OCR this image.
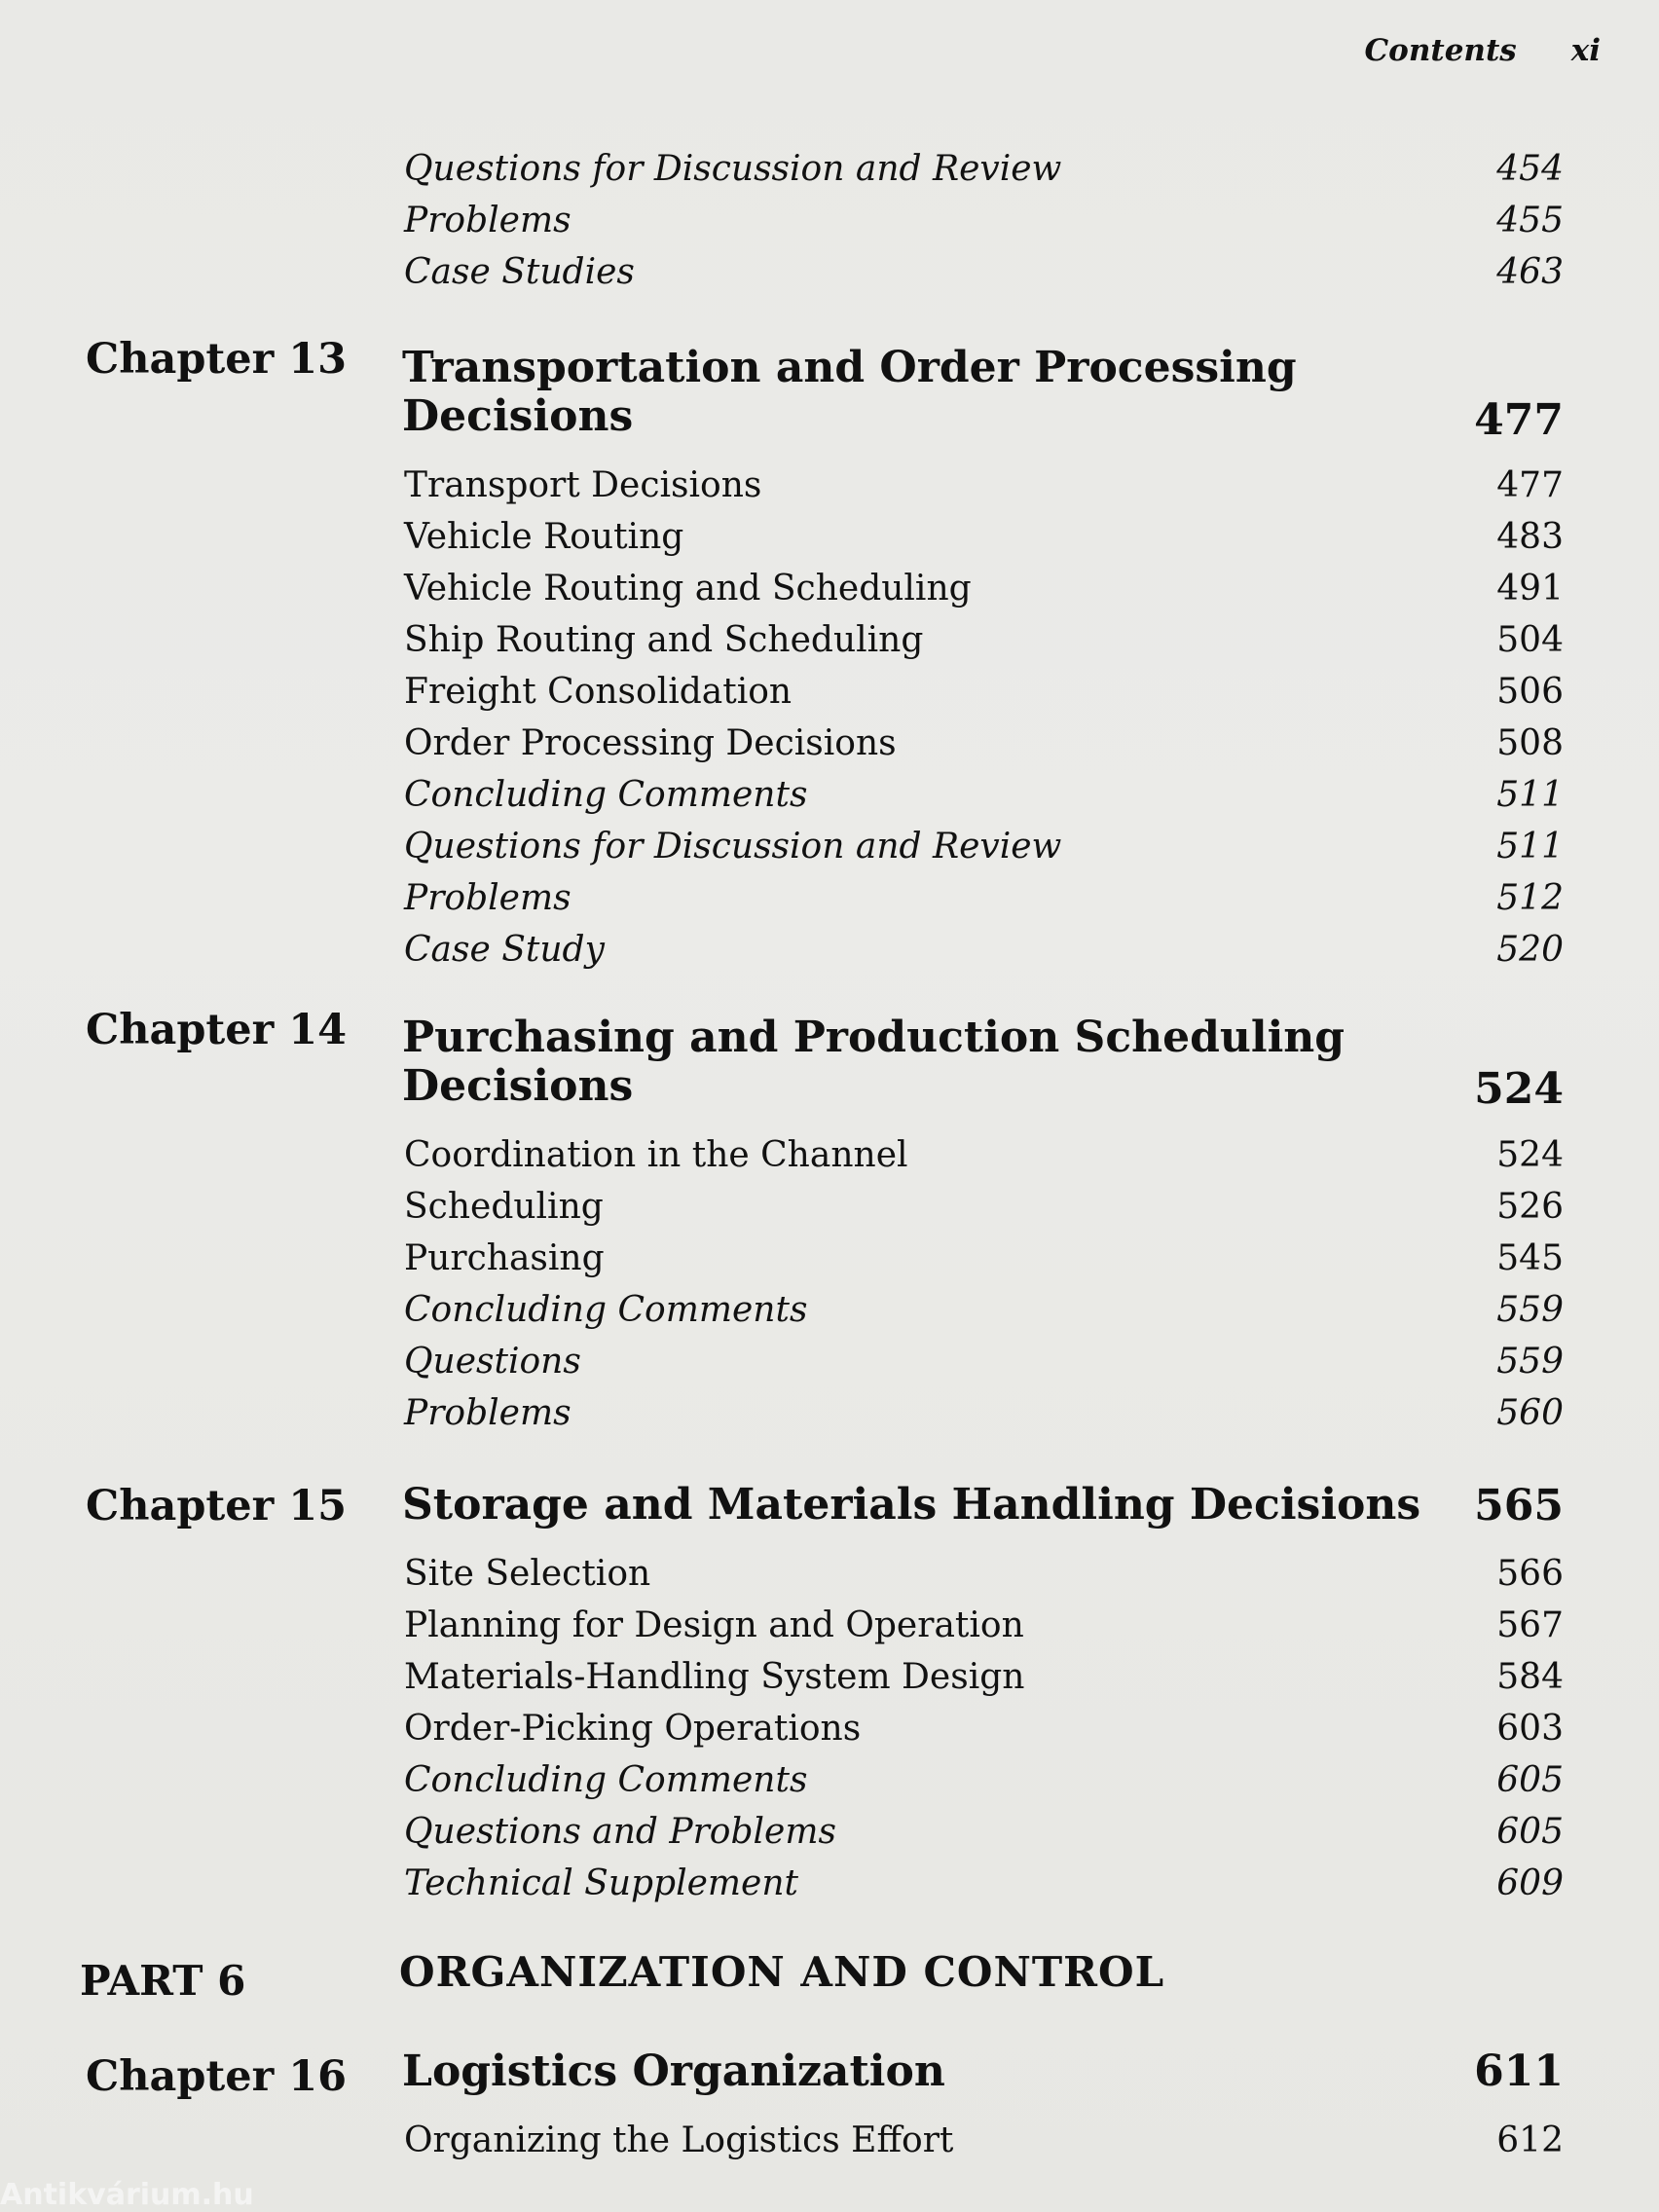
Contents xi
Questions for Discussion and Review	454
Problems	455
Case Studies	463
Chapter 13 Transportation and Order Processing
Decisions	477
Transport Decisions	477
Vehicle Routing	483
Vehicle Routing and Scheduling	491
Ship Routing and Scheduling	504
Freight Consolidation	506
Order Processing Decisions	508
Concluding Comments	511
Questions for Discussion and Review	511
Problems	512
Case Study	520
Chapter 14 Purchasing and Production Scheduling
Decisions	524
Coordination in the Channel	524
Scheduling	526
Purchasing	545
Concluding Comments	559
Questions	559
Problems	560
Chapter 15 Storage and Materials Handling Decisions 565
Site Selection	566
Planning for Design and Operation	567
Materials-Handling System Design	584
Order-Picking Operations	603
Concluding Comments	605
Questions and Problems	605
Technical Supplement	609
PART 6	ORGANIZATION AND CONTROL
Chapter 16 Logistics Organization	611
Organizing the Logistics Effort	612
Antikvárium.hu
